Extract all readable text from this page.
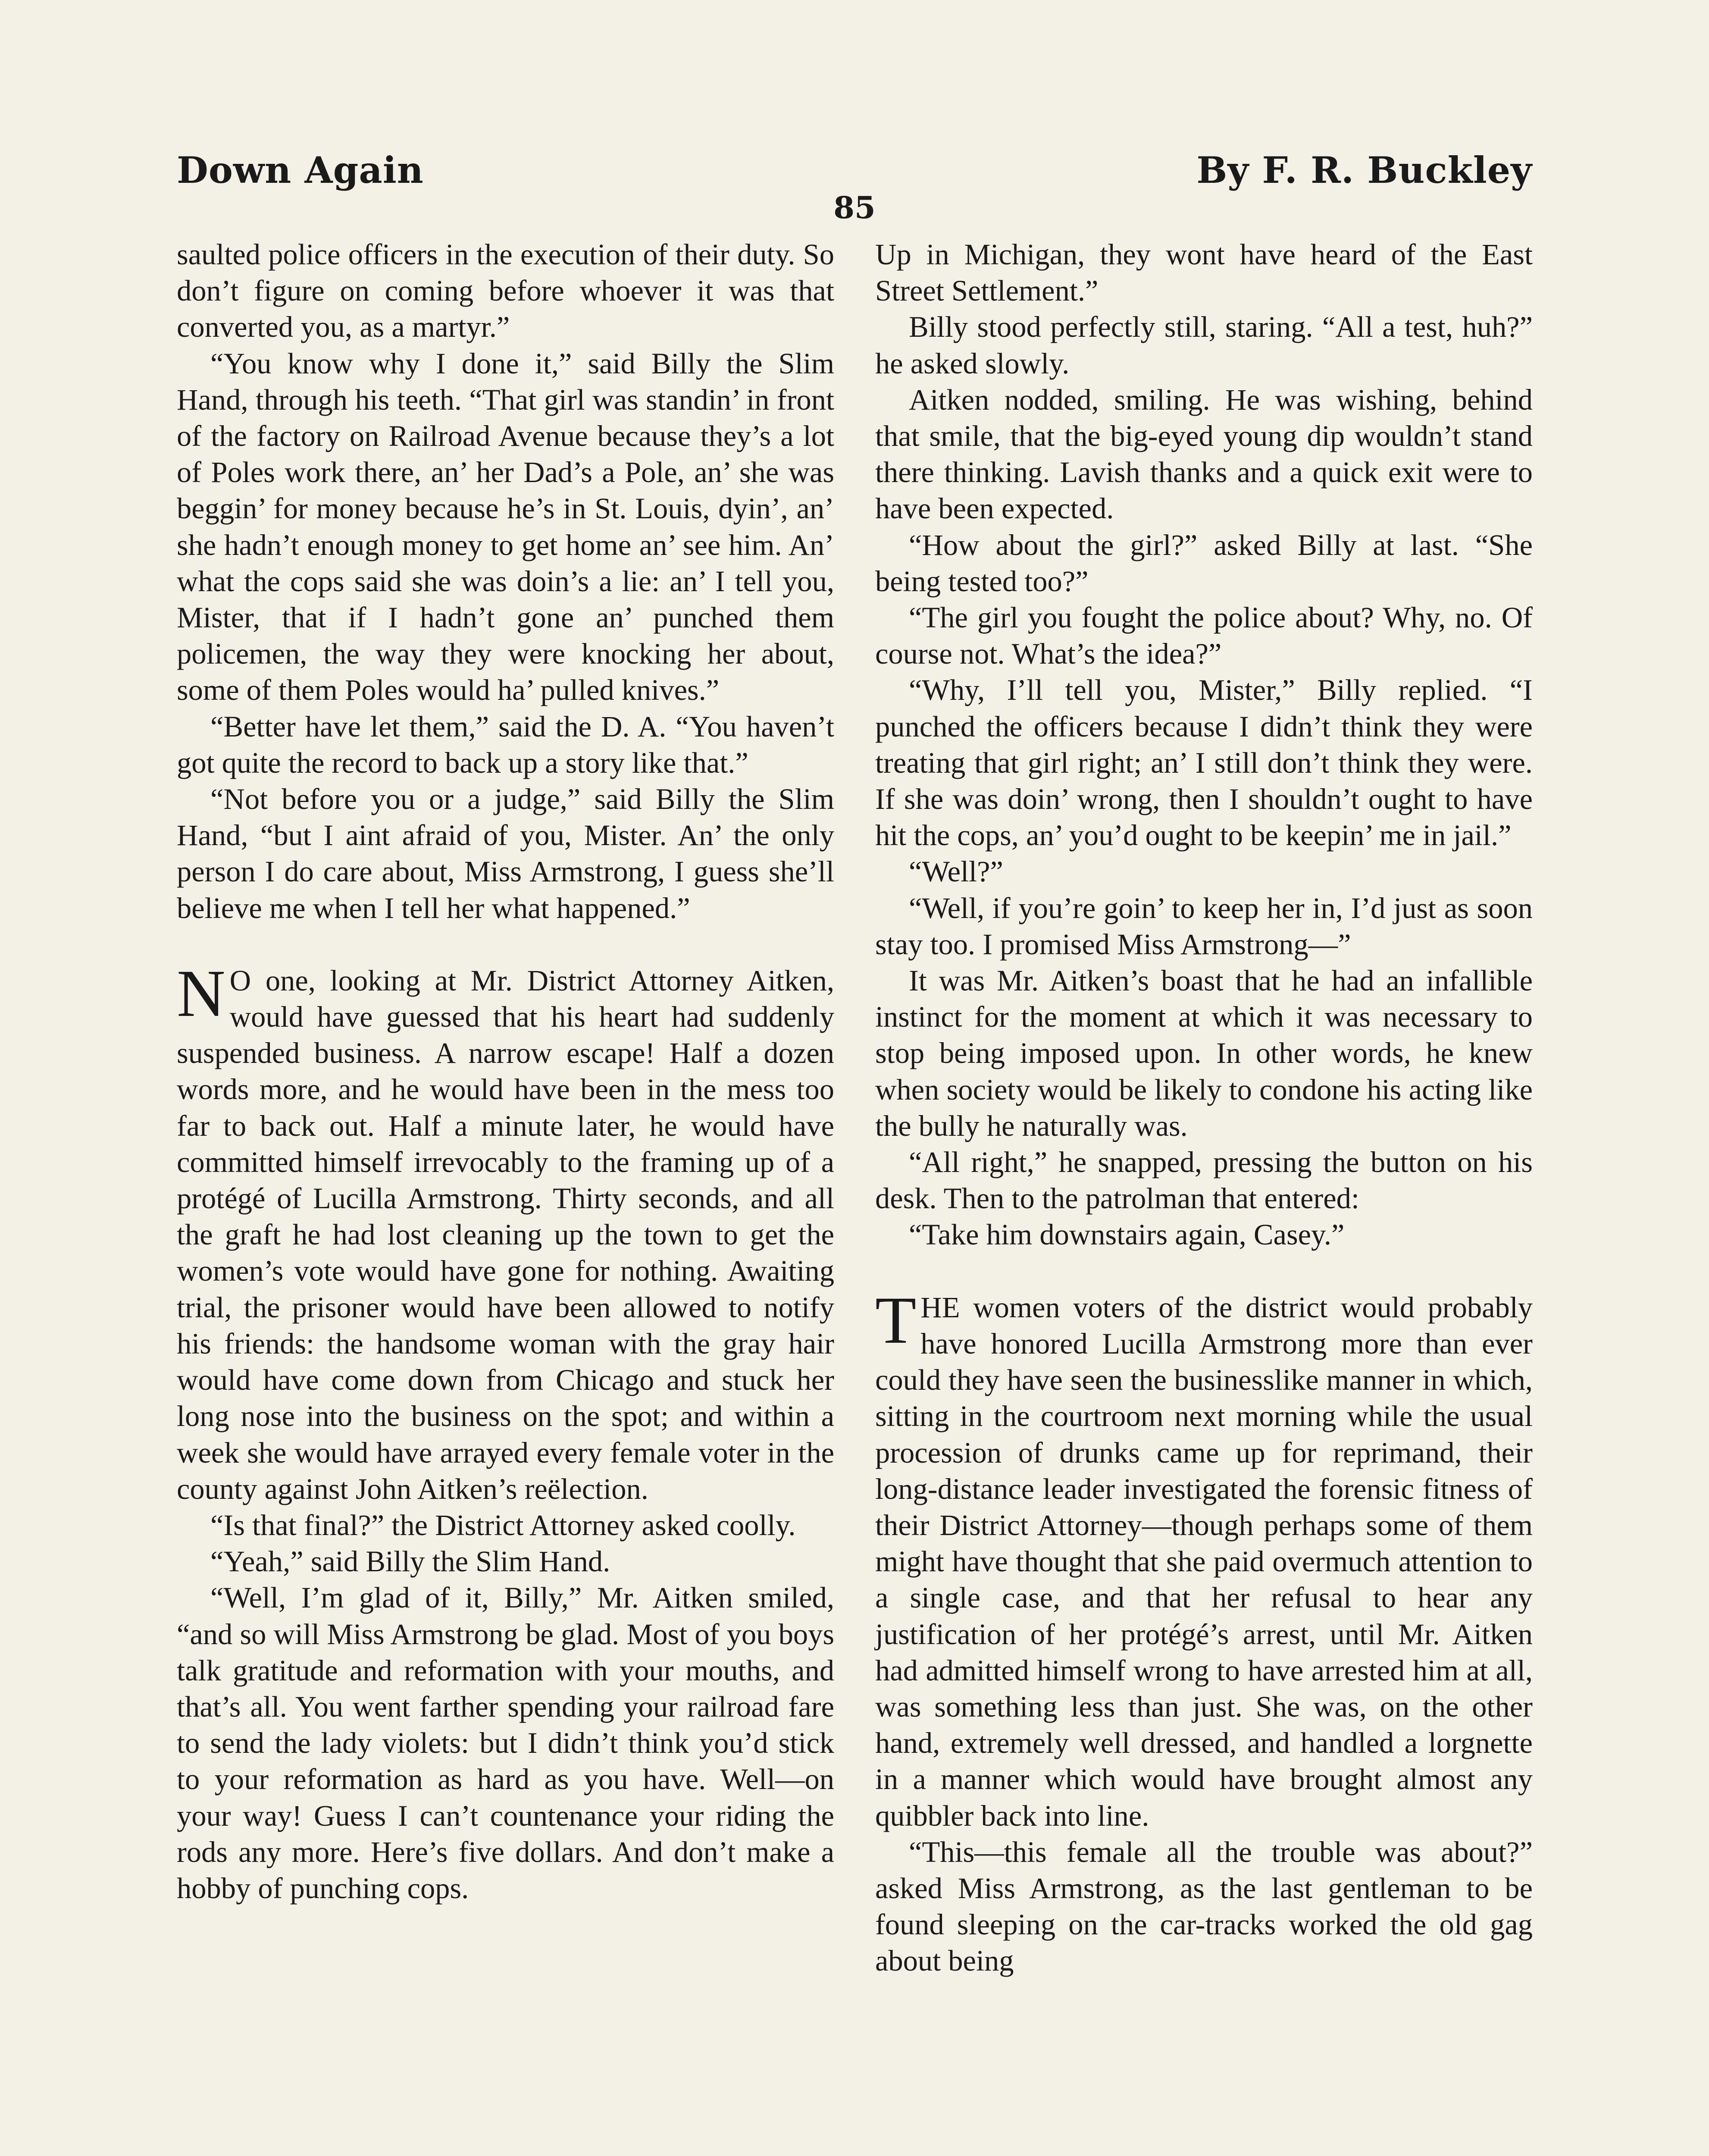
Down Again	By F. R. Buckley
85

saulted police officers in the execution of their duty. So don’t figure on coming before whoever it was that converted you, as a martyr.”

“You know why I done it,” said Billy the Slim Hand, through his teeth. “That girl was standin’ in front of the factory on Railroad Avenue because they’s a lot of Poles work there, an’ her Dad’s a Pole, an’ she was beggin’ for money because he’s in St. Louis, dyin’, an’ she hadn’t enough money to get home an’ see him. An’ what the cops said she was doin’s a lie: an’ I tell you, Mister, that if I hadn’t gone an’ punched them policemen, the way they were knocking her about, some of them Poles would ha’ pulled knives.”

“Better have let them,” said the D. A. “You haven’t got quite the record to back up a story like that.”

“Not before you or a judge,” said Billy the Slim Hand, “but I aint afraid of you, Mister. An’ the only person I do care about, Miss Armstrong, I guess she’ll believe me when I tell her what happened.”

N O one, looking at Mr. District Attorney Aitken, would have guessed that his heart had suddenly suspended business. A narrow escape! Half a dozen words more, and he would have been in the mess too far to back out. Half a minute later, he would have committed himself irrevocably to the framing up of a protégé of Lucilla Armstrong. Thirty seconds, and all the graft he had lost cleaning up the town to get the women’s vote would have gone for nothing. Awaiting trial, the prisoner would have been allowed to notify his friends: the handsome woman with the gray hair would have come down from Chicago and stuck her long nose into the business on the spot; and within a week she would have arrayed every female voter in the county against John Aitken’s reëlection.

“Is that final?” the District Attorney asked coolly.

“Yeah,” said Billy the Slim Hand.

“Well, I’m glad of it, Billy,” Mr. Aitken smiled, “and so will Miss Armstrong be glad. Most of you boys talk gratitude and reformation with your mouths, and that’s all. You went farther spending your railroad fare to send the lady violets: but I didn’t think you’d stick to your reformation as hard as you have. Well—on your way! Guess I can’t countenance your riding the rods any more. Here’s five dollars. And don’t make a hobby of punching cops.

Up in Michigan, they wont have heard of the East Street Settlement.”

Billy stood perfectly still, staring. “All a test, huh?” he asked slowly.

Aitken nodded, smiling. He was wishing, behind that smile, that the big-eyed young dip wouldn’t stand there thinking. Lavish thanks and a quick exit were to have been expected.

“How about the girl?” asked Billy at last. “She being tested too?”

“The girl you fought the police about? Why, no. Of course not. What’s the idea?”

“Why, I’ll tell you, Mister,” Billy replied. “I punched the officers because I didn’t think they were treating that girl right; an’ I still don’t think they were. If she was doin’ wrong, then I shouldn’t ought to have hit the cops, an’ you’d ought to be keepin’ me in jail.”

“Well?”

“Well, if you’re goin’ to keep her in, I’d just as soon stay too. I promised Miss Armstrong—”

It was Mr. Aitken’s boast that he had an infallible instinct for the moment at which it was necessary to stop being imposed upon. In other words, he knew when society would be likely to condone his acting like the bully he naturally was.

“All right,” he snapped, pressing the button on his desk. Then to the patrolman that entered:

“Take him downstairs again, Casey.”

THE women voters of the district would probably have honored Lucilla Armstrong more than ever could they have seen the businesslike manner in which, sitting in the courtroom next morning while the usual procession of drunks came up for reprimand, their long-distance leader investigated the forensic fitness of their District Attorney—though perhaps some of them might have thought that she paid overmuch attention to a single case, and that her refusal to hear any justification of her protégé’s arrest, until Mr. Aitken had admitted himself wrong to have arrested him at all, was something less than just. She was, on the other hand, extremely well dressed, and handled a lorgnette in a manner which would have brought almost any quibbler back into line.

“This—this female all the trouble was about?” asked Miss Armstrong, as the last gentleman to be found sleeping on the car-tracks worked the old gag about being
